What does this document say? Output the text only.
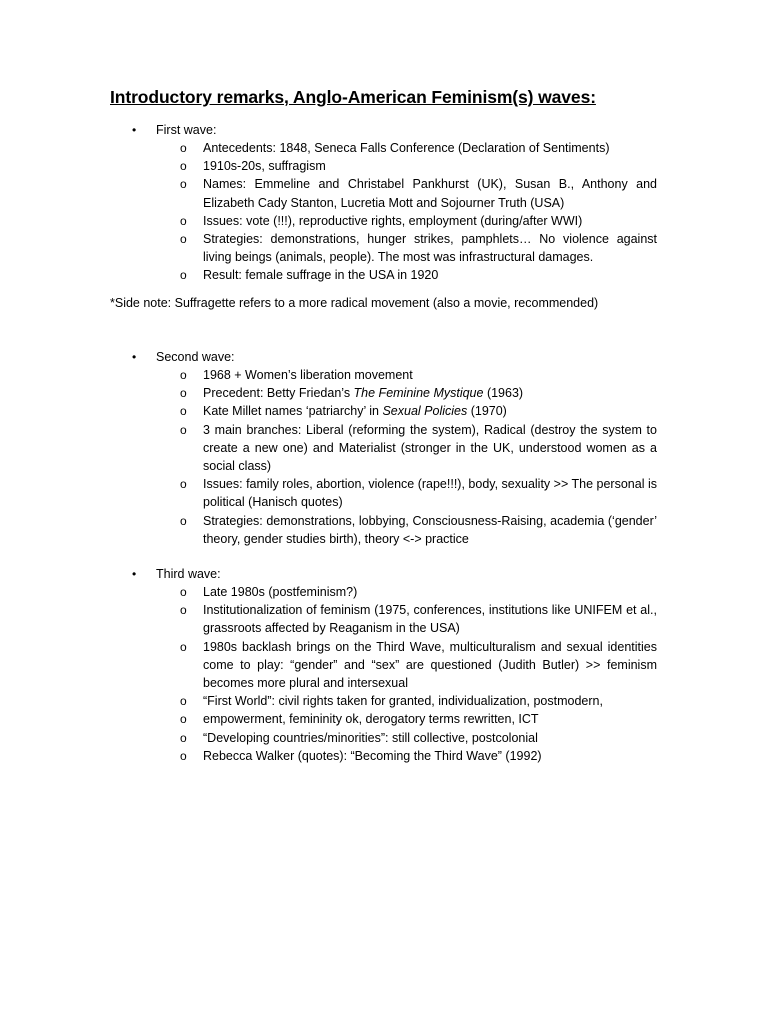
Introductory remarks, Anglo-American Feminism(s) waves:
• First wave:
o Antecedents: 1848, Seneca Falls Conference (Declaration of Sentiments)
o 1910s-20s, suffragism
o Names: Emmeline and Christabel Pankhurst (UK), Susan B., Anthony and Elizabeth Cady Stanton, Lucretia Mott and Sojourner Truth (USA)
o Issues: vote (!!!), reproductive rights, employment (during/after WWI)
o Strategies: demonstrations, hunger strikes, pamphlets… No violence against living beings (animals, people). The most was infrastructural damages.
o Result: female suffrage in the USA in 1920
*Side note: Suffragette refers to a more radical movement (also a movie, recommended)
• Second wave:
o 1968 + Women’s liberation movement
o Precedent: Betty Friedan’s The Feminine Mystique (1963)
o Kate Millet names ‘patriarchy’ in Sexual Policies (1970)
o 3 main branches: Liberal (reforming the system), Radical (destroy the system to create a new one) and Materialist (stronger in the UK, understood women as a social class)
o Issues: family roles, abortion, violence (rape!!!), body, sexuality >> The personal is political (Hanisch quotes)
o Strategies: demonstrations, lobbying, Consciousness-Raising, academia (‘gender’ theory, gender studies birth), theory <-> practice
• Third wave:
o Late 1980s (postfeminism?)
o Institutionalization of feminism (1975, conferences, institutions like UNIFEM et al., grassroots affected by Reaganism in the USA)
o 1980s backlash brings on the Third Wave, multiculturalism and sexual identities come to play: “gender” and “sex” are questioned (Judith Butler) >> feminism becomes more plural and intersexual
o “First World”: civil rights taken for granted, individualization, postmodern,
o empowerment, femininity ok, derogatory terms rewritten, ICT
o “Developing countries/minorities”: still collective, postcolonial
o Rebecca Walker (quotes): “Becoming the Third Wave” (1992)
